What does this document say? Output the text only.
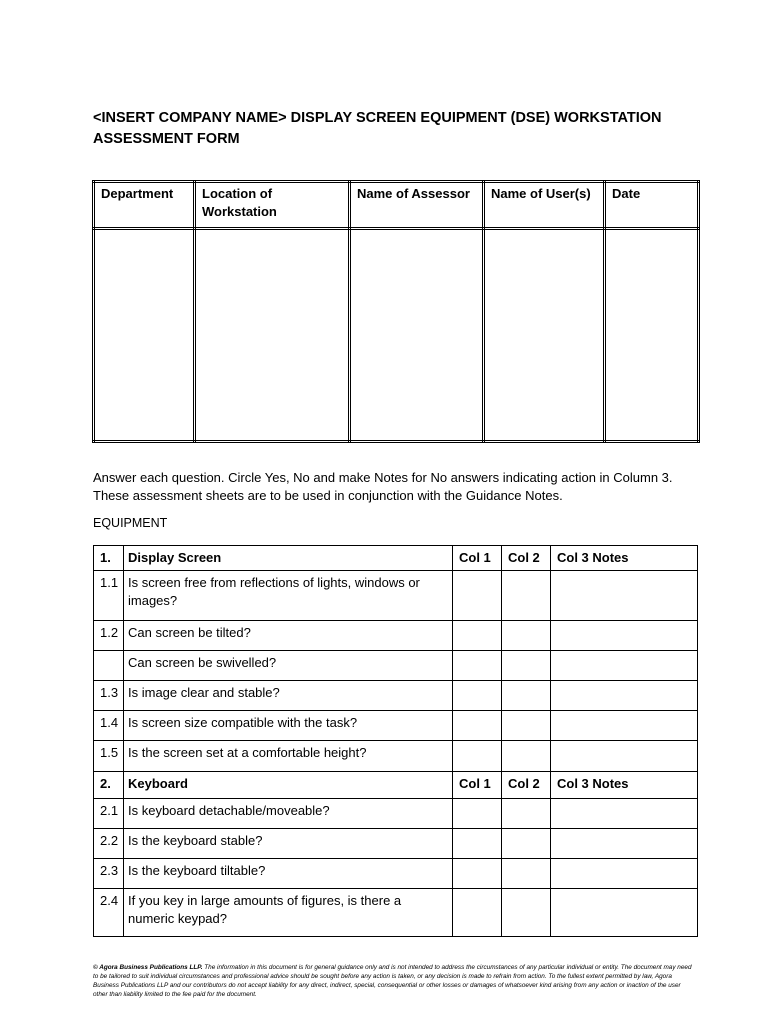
<INSERT COMPANY NAME> DISPLAY SCREEN EQUIPMENT (DSE) WORKSTATION ASSESSMENT FORM
Department	Location of Workstation	Name of Assessor	Name of User(s)	Date

Answer each question. Circle Yes, No and make Notes for No answers indicating action in Column 3. These assessment sheets are to be used in conjunction with the Guidance Notes.

EQUIPMENT

1.	Display Screen	Col 1	Col 2	Col 3 Notes
1.1	Is screen free from reflections of lights, windows or images?			
1.2	Can screen be tilted?			
	Can screen be swivelled?			
1.3	Is image clear and stable?			
1.4	Is screen size compatible with the task?			
1.5	Is the screen set at a comfortable height?			
2.	Keyboard	Col 1	Col 2	Col 3 Notes
2.1	Is keyboard detachable/moveable?			
2.2	Is the keyboard stable?			
2.3	Is the keyboard tiltable?			
2.4	If you key in large amounts of figures, is there a numeric keypad?			

© Agora Business Publications LLP. The information in this document is for general guidance only and is not intended to address the circumstances of any particular individual or entity. The document may need to be tailored to suit individual circumstances and professional advice should be sought before any action is taken, or any decision is made to refrain from action. To the fullest extent permitted by law, Agora Business Publications LLP and our contributors do not accept liability for any direct, indirect, special, consequential or other losses or damages of whatsoever kind arising from any action or inaction of the user other than liability limited to the fee paid for the document.
